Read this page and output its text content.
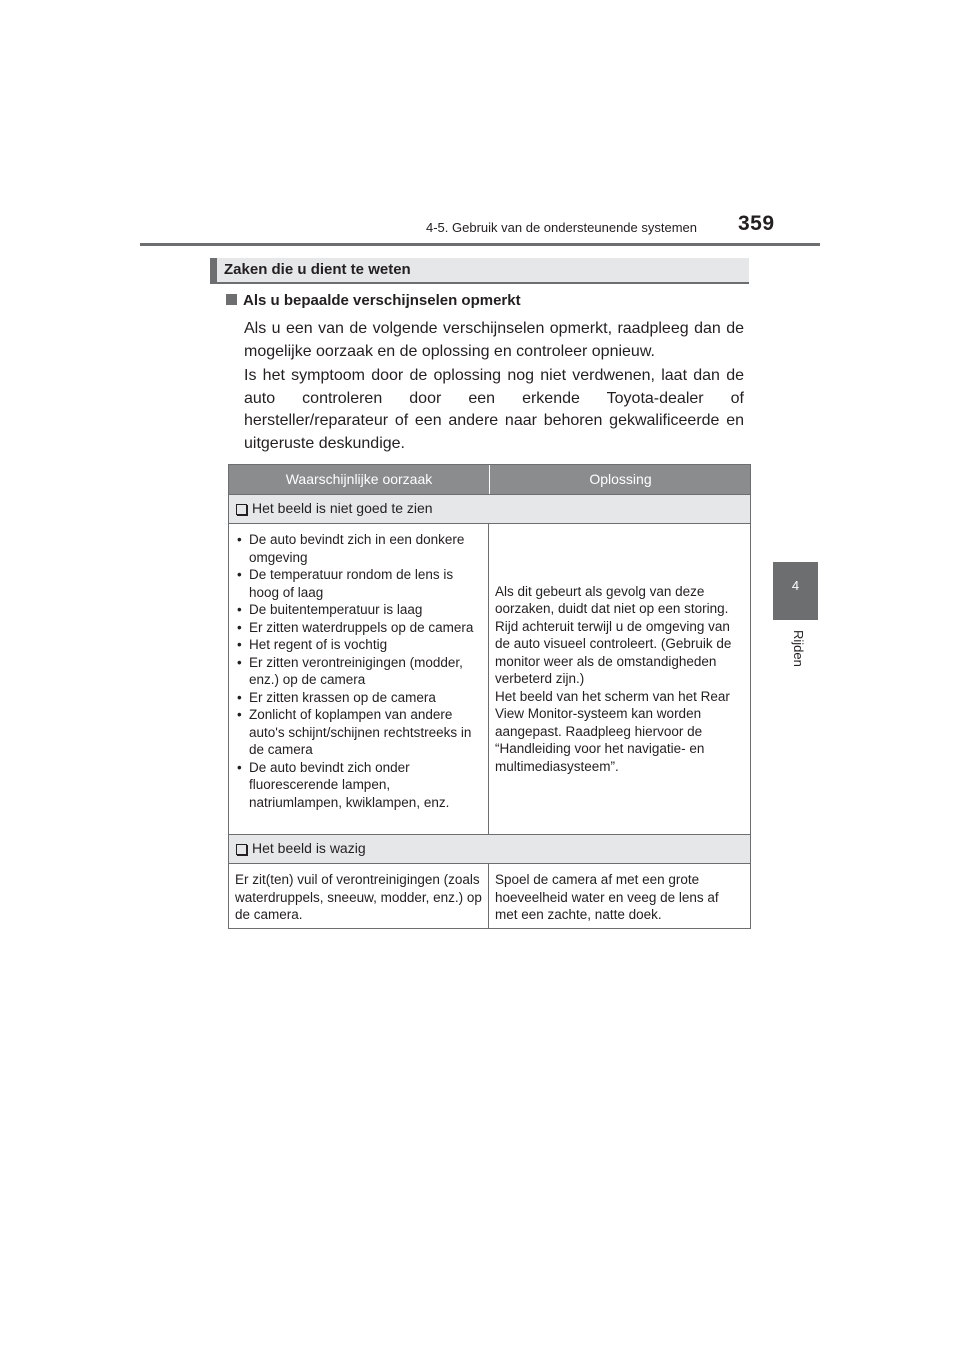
4-5. Gebruik van de ondersteunende systemen 359
4
Rijden
Zaken die u dient te weten
Als u bepaalde verschijnselen opmerkt
Als u een van de volgende verschijnselen opmerkt, raadpleeg dan de mogelijke oorzaak en de oplossing en controleer opnieuw.
Is het symptoom door de oplossing nog niet verdwenen, laat dan de auto controleren door een erkende Toyota-dealer of hersteller/reparateur of een andere naar behoren gekwalificeerde en uitgeruste deskundige.
Waarschijnlijke oorzaak	Oplossing
Het beeld is niet goed te zien
• De auto bevindt zich in een donkere omgeving
• De temperatuur rondom de lens is hoog of laag
• De buitentemperatuur is laag
• Er zitten waterdruppels op de camera
• Het regent of is vochtig
• Er zitten verontreinigingen (modder, enz.) op de camera
• Er zitten krassen op de camera
• Zonlicht of koplampen van andere auto's schijnt/schijnen rechtstreeks in de camera
• De auto bevindt zich onder fluorescerende lampen, natriumlampen, kwiklampen, enz.
Als dit gebeurt als gevolg van deze oorzaken, duidt dat niet op een storing.
Rijd achteruit terwijl u de omgeving van de auto visueel controleert. (Gebruik de monitor weer als de omstandigheden verbeterd zijn.)
Het beeld van het scherm van het Rear View Monitor-systeem kan worden aangepast. Raadpleeg hiervoor de “Handleiding voor het navigatie- en multimediasysteem”.
Het beeld is wazig
Er zit(ten) vuil of verontreinigingen (zoals waterdruppels, sneeuw, modder, enz.) op de camera.
Spoel de camera af met een grote hoeveelheid water en veeg de lens af met een zachte, natte doek.
